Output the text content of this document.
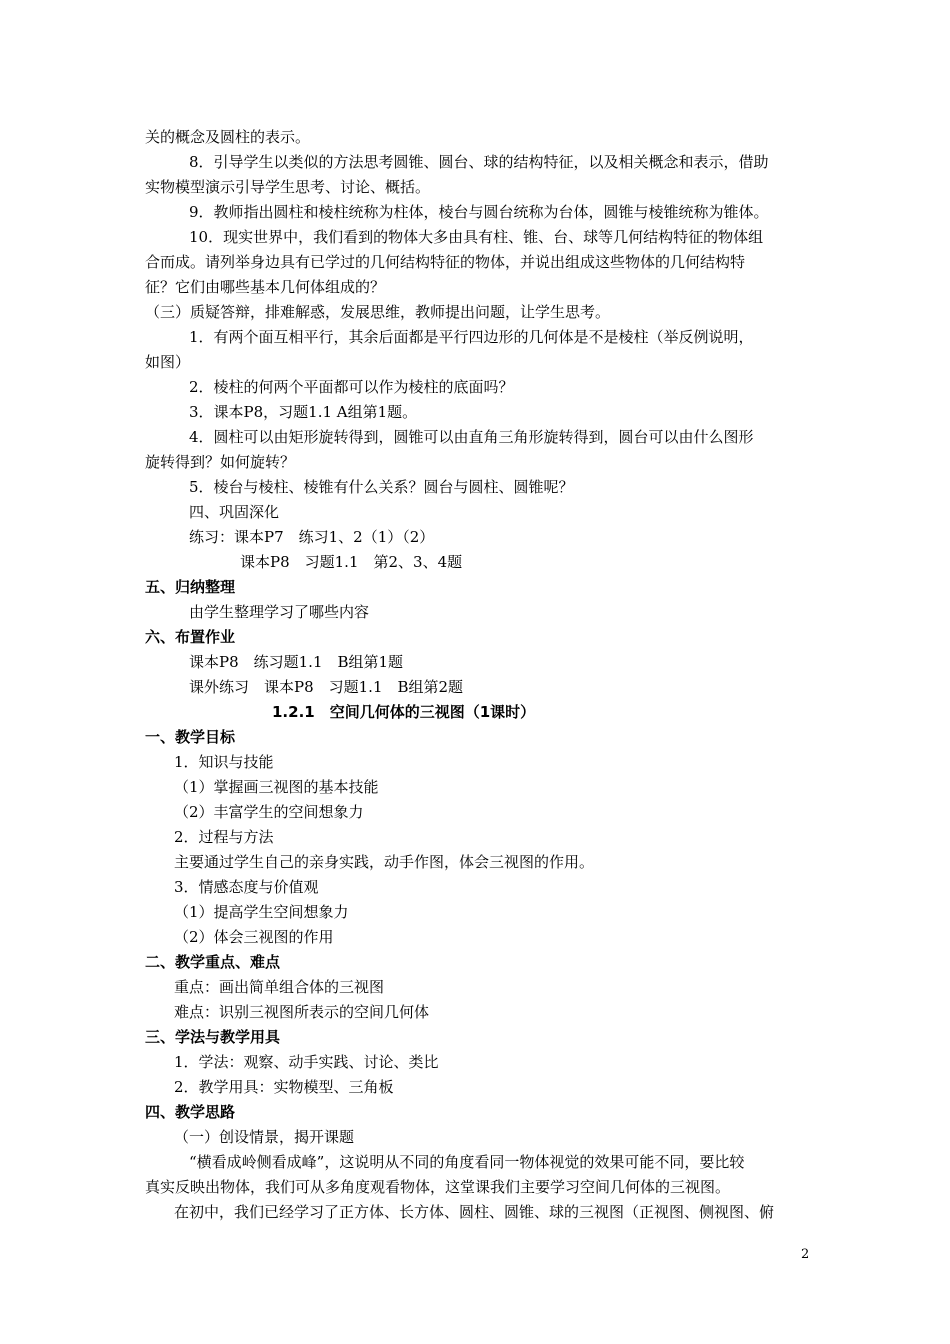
关的概念及圆柱的表示。
8．引导学生以类似的方法思考圆锥、圆台、球的结构特征，以及相关概念和表示，借助
实物模型演示引导学生思考、讨论、概括。
9．教师指出圆柱和棱柱统称为柱体，棱台与圆台统称为台体，圆锥与棱锥统称为锥体。
10．现实世界中，我们看到的物体大多由具有柱、锥、台、球等几何结构特征的物体组
合而成。请列举身边具有已学过的几何结构特征的物体，并说出组成这些物体的几何结构特
征？它们由哪些基本几何体组成的？
（三）质疑答辩，排难解惑，发展思维，教师提出问题，让学生思考。
1．有两个面互相平行，其余后面都是平行四边形的几何体是不是棱柱（举反例说明，
如图）
2．棱柱的何两个平面都可以作为棱柱的底面吗？
3．课本P8，习题1.1 A组第1题。
4．圆柱可以由矩形旋转得到，圆锥可以由直角三角形旋转得到，圆台可以由什么图形
旋转得到？如何旋转？
5．棱台与棱柱、棱锥有什么关系？圆台与圆柱、圆锥呢？
四、巩固深化
练习：课本P7　练习1、2（1）（2）
课本P8　习题1.1　第2、3、4题
五、归纳整理
由学生整理学习了哪些内容
六、布置作业
课本P8　练习题1.1　B组第1题
课外练习　课本P8　习题1.1　B组第2题
1.2.1　空间几何体的三视图（1课时）
一、教学目标
1．知识与技能
（1）掌握画三视图的基本技能
（2）丰富学生的空间想象力
2．过程与方法
主要通过学生自己的亲身实践，动手作图，体会三视图的作用。
3．情感态度与价值观
（1）提高学生空间想象力
（2）体会三视图的作用
二、教学重点、难点
重点：画出简单组合体的三视图
难点：识别三视图所表示的空间几何体
三、学法与教学用具
1．学法：观察、动手实践、讨论、类比
2．教学用具：实物模型、三角板
四、教学思路
（一）创设情景，揭开课题
“横看成岭侧看成峰”，这说明从不同的角度看同一物体视觉的效果可能不同，要比较
真实反映出物体，我们可从多角度观看物体，这堂课我们主要学习空间几何体的三视图。
在初中，我们已经学习了正方体、长方体、圆柱、圆锥、球的三视图（正视图、侧视图、俯
2
